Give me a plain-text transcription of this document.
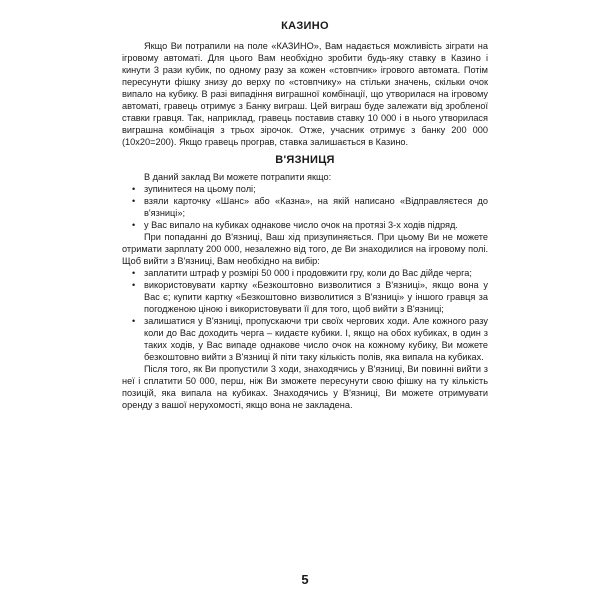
КАЗИНО

Якщо Ви потрапили на поле «КАЗИНО», Вам надається можливість зіграти на ігровому автоматі. Для цього Вам необхідно зробити будь-яку ставку в Казино і кинути 3 рази кубик, по одному разу за кожен «стовпчик» ігрового автомата. Потім пересунути фішку знизу до верху по «стовпчику» на стільки значень, скільки очок випало на кубику. В разі випадіння виграшної комбінації, що утворилася на ігровому автоматі, гравець отримує з Банку виграш. Цей виграш буде залежати від зробленої ставки гравця. Так, наприклад, гравець поставив ставку 10 000 і в нього утворилася виграшна комбінація з трьох зірочок. Отже, учасник отримує з банку 200 000 (10х20=200). Якщо гравець програв, ставка залишається в Казино.

В'ЯЗНИЦЯ

В даний заклад Ви можете потрапити якщо:

• зупинитеся на цьому полі;

• взяли карточку «Шанс» або «Казна», на якій написано «Відправляєтеся до в'язниці»;

• у Вас випало на кубиках однакове число очок на протязі 3-х ходів підряд.

При попаданні до В'язниці, Ваш хід призупиняється. При цьому Ви не можете отримати зарплату 200 000, незалежно від того, де Ви знаходилися на ігровому полі. Щоб вийти з В'язниці, Вам необхідно на вибір:

• заплатити штраф у розмірі 50 000 і продовжити гру, коли до Вас дійде черга;

• використовувати картку «Безкоштовно визволитися з В'язниці», якщо вона у Вас є; купити картку «Безкоштовно визволитися з В'язниці» у іншого гравця за погодженою ціною і використовувати її для того, щоб вийти з В'язниці;

• залишатися у В'язниці, пропускаючи три своїх чергових ходи. Але кожного разу коли до Вас доходить черга – кидаєте кубики. І, якщо на обох кубиках, в один з таких ходів, у Вас випаде однакове число очок на кожному кубику, Ви можете безкоштовно вийти з В'язниці й піти таку кількість полів, яка випала на кубиках.

Після того, як Ви пропустили 3 ходи, знаходячись у В'язниці, Ви повинні вийти з неї і сплатити 50 000, перш, ніж Ви зможете пересунути свою фішку на ту кількість позицій, яка випала на кубиках. Знаходячись у В'язниці, Ви можете отримувати оренду з вашої нерухомості, якщо вона не закладена.

5
